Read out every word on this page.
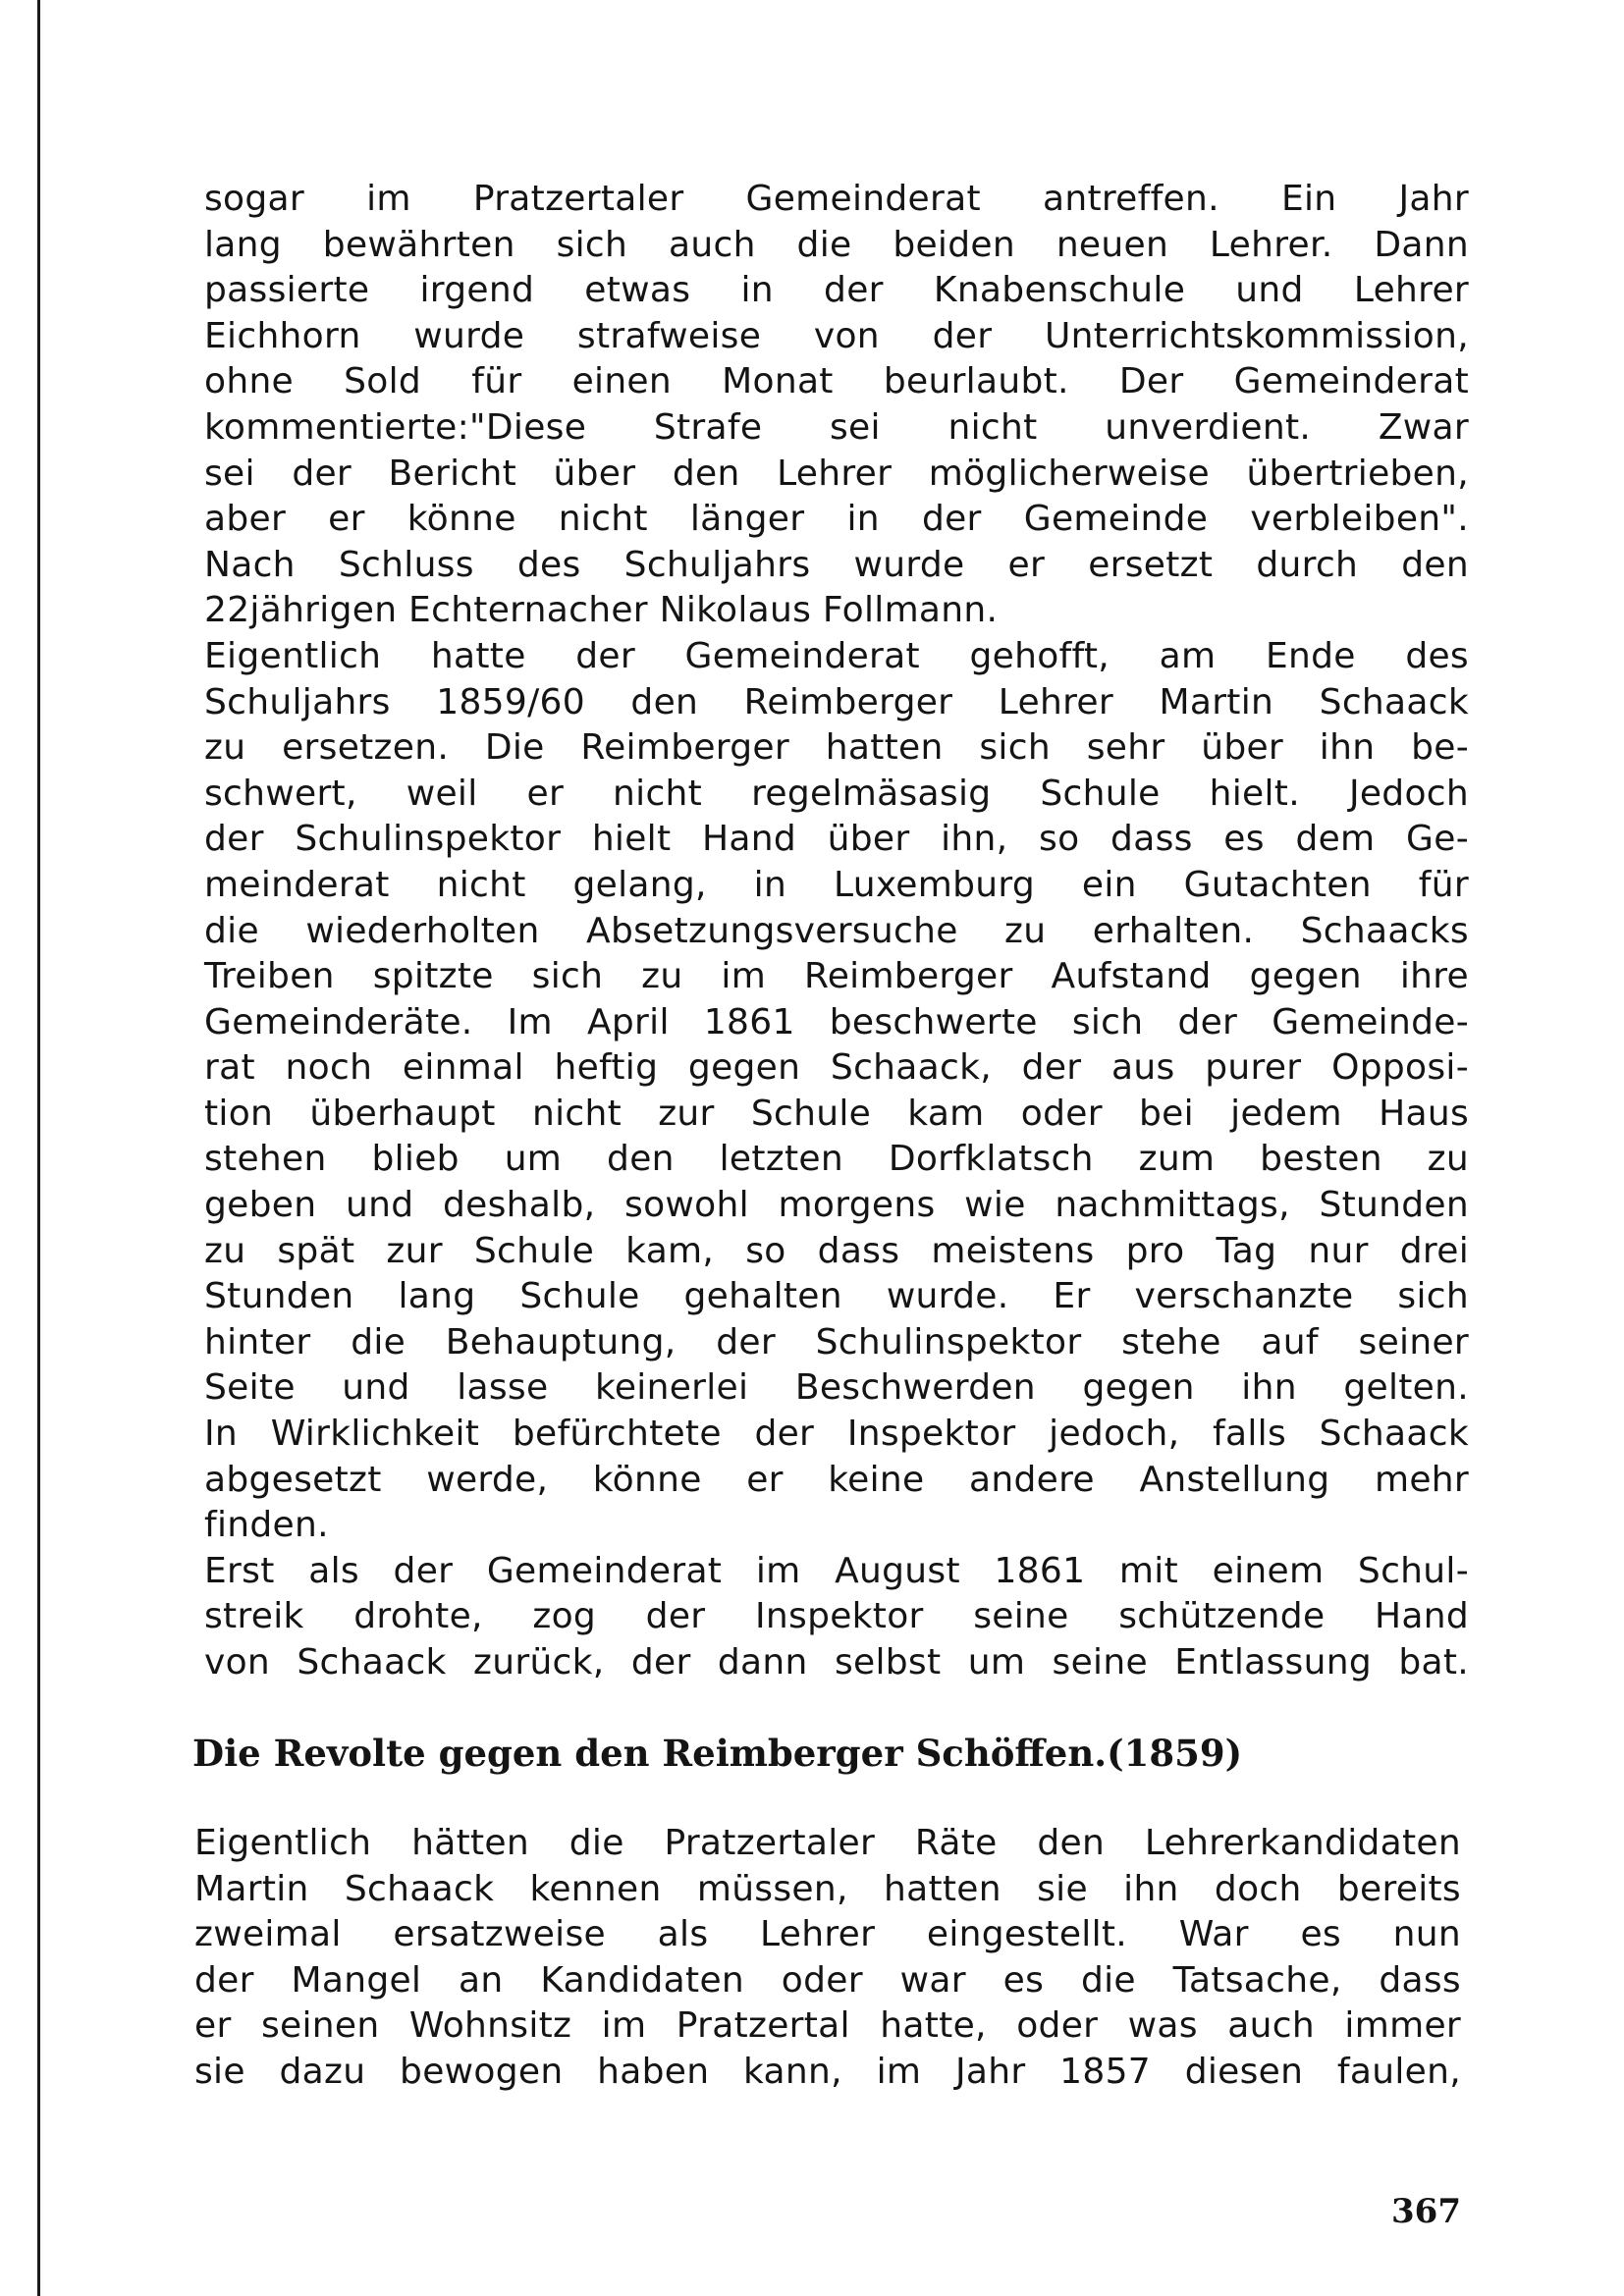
sogar im Pratzertaler Gemeinderat antreffen. Ein Jahr
lang bewährten sich auch die beiden neuen Lehrer. Dann
passierte irgend etwas in der Knabenschule und Lehrer
Eichhorn wurde strafweise von der Unterrichtskommission,
ohne Sold für einen Monat beurlaubt. Der Gemeinderat
kommentierte:"Diese Strafe sei nicht unverdient. Zwar
sei der Bericht über den Lehrer möglicherweise übertrieben,
aber er könne nicht länger in der Gemeinde verbleiben".
Nach Schluss des Schuljahrs wurde er ersetzt durch den
22jährigen Echternacher Nikolaus Follmann.
Eigentlich hatte der Gemeinderat gehofft, am Ende des
Schuljahrs 1859/60 den Reimberger Lehrer Martin Schaack
zu ersetzen. Die Reimberger hatten sich sehr über ihn be-
schwert, weil er nicht regelmäsasig Schule hielt. Jedoch
der Schulinspektor hielt Hand über ihn, so dass es dem Ge-
meinderat nicht gelang, in Luxemburg ein Gutachten für
die wiederholten Absetzungsversuche zu erhalten. Schaacks
Treiben spitzte sich zu im Reimberger Aufstand gegen ihre
Gemeinderäte. Im April 1861 beschwerte sich der Gemeinde-
rat noch einmal heftig gegen Schaack, der aus purer Opposi-
tion überhaupt nicht zur Schule kam oder bei jedem Haus
stehen blieb um den letzten Dorfklatsch zum besten zu
geben und deshalb, sowohl morgens wie nachmittags, Stunden
zu spät zur Schule kam, so dass meistens pro Tag nur drei
Stunden lang Schule gehalten wurde. Er verschanzte sich
hinter die Behauptung, der Schulinspektor stehe auf seiner
Seite und lasse keinerlei Beschwerden gegen ihn gelten.
In Wirklichkeit befürchtete der Inspektor jedoch, falls Schaack
abgesetzt werde, könne er keine andere Anstellung mehr
finden.
Erst als der Gemeinderat im August 1861 mit einem Schul-
streik drohte, zog der Inspektor seine schützende Hand
von Schaack zurück, der dann selbst um seine Entlassung bat.
Die Revolte gegen den Reimberger Schöffen.(1859)
Eigentlich hätten die Pratzertaler Räte den Lehrerkandidaten
Martin Schaack kennen müssen, hatten sie ihn doch bereits
zweimal ersatzweise als Lehrer eingestellt. War es nun
der Mangel an Kandidaten oder war es die Tatsache, dass
er seinen Wohnsitz im Pratzertal hatte, oder was auch immer
sie dazu bewogen haben kann, im Jahr 1857 diesen faulen,
367
